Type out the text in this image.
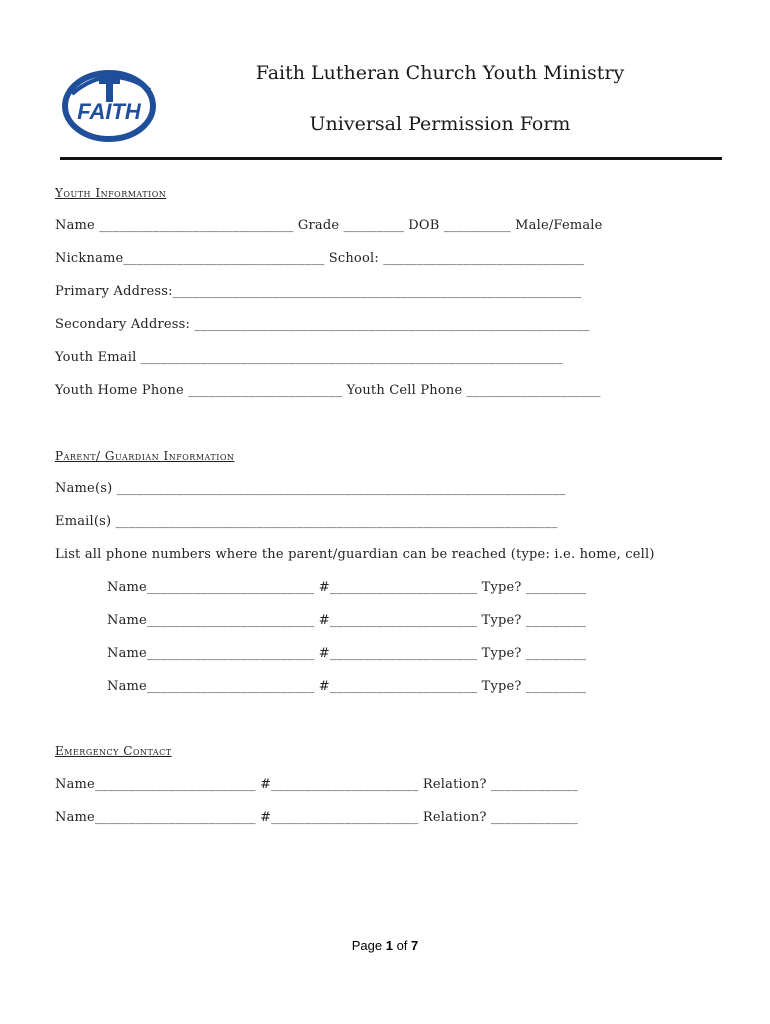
FAITH
Faith Lutheran Church Youth Ministry
Universal Permission Form
Youth Information
Name _____________________________ Grade _________ DOB __________ Male/Female
Nickname______________________________ School: ______________________________
Primary Address:_____________________________________________________________
Secondary Address: ___________________________________________________________
Youth Email _______________________________________________________________
Youth Home Phone _______________________ Youth Cell Phone ____________________
Parent/ Guardian Information
Name(s) ___________________________________________________________________
Email(s) __________________________________________________________________
List all phone numbers where the parent/guardian can be reached (type: i.e. home, cell)
Name_________________________ #______________________ Type? _________
Name_________________________ #______________________ Type? _________
Name_________________________ #______________________ Type? _________
Name_________________________ #______________________ Type? _________
Emergency Contact
Name________________________ #______________________ Relation? _____________
Name________________________ #______________________ Relation? _____________
Page 1 of 7
